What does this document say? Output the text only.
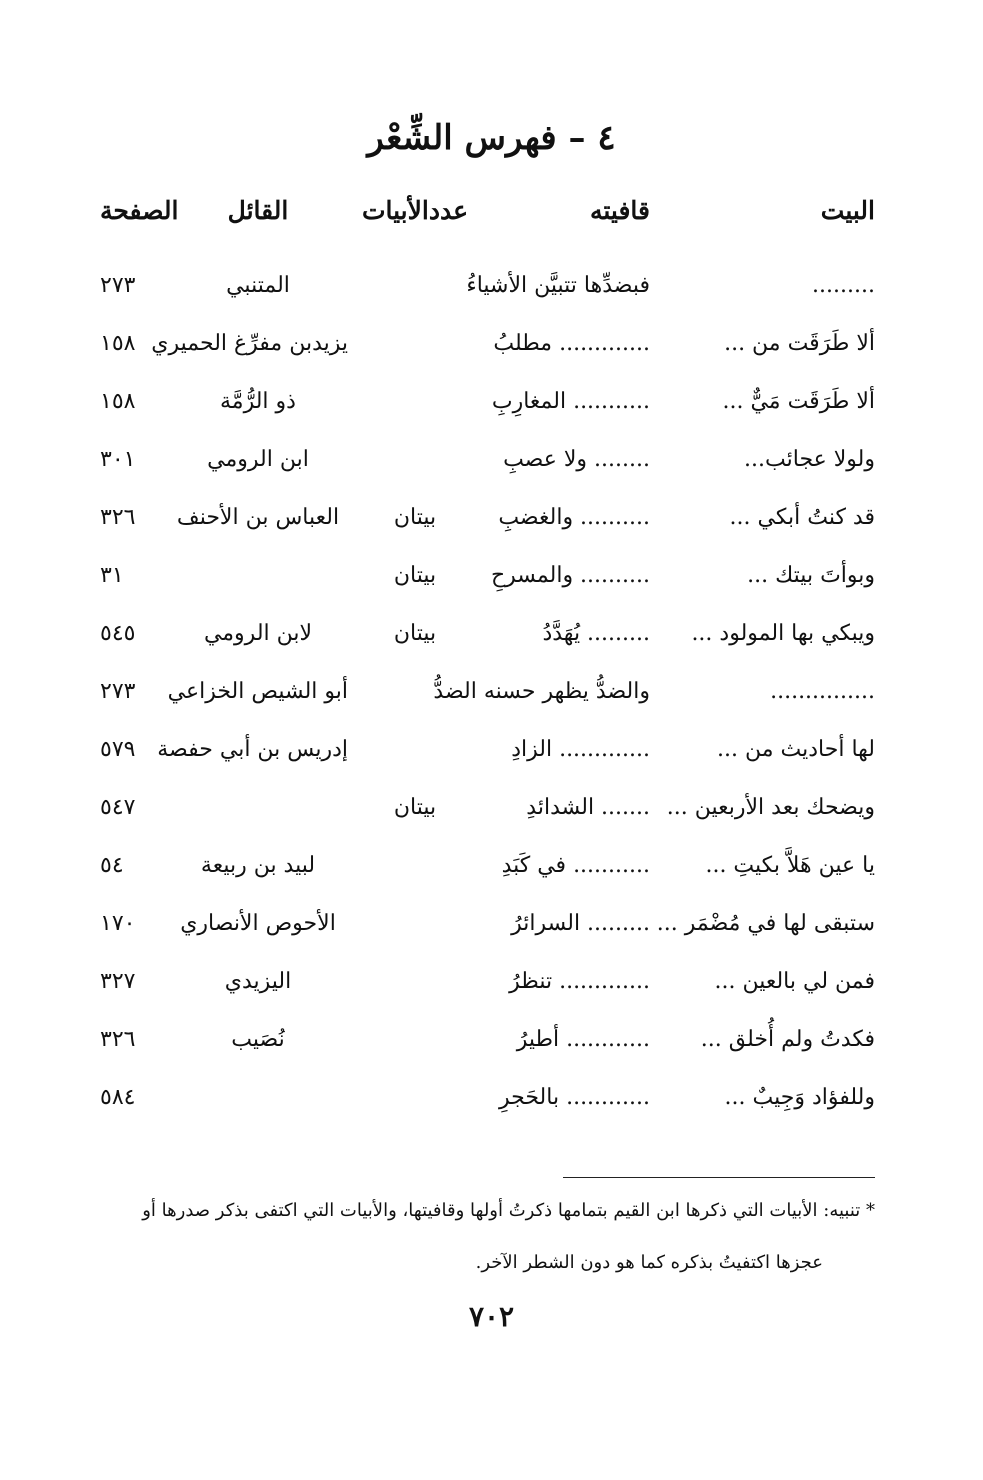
٤ – فهرس الشِّعْر
البيت
قافيته
عددالأبيات
القائل
الصفحة
.........
فبضدِّها تتبيَّن الأشياءُ
المتنبي
٢٧٣
ألا طَرَقَت من ...
............. مطلبُ
يزيدبن مفرِّغ الحميري
١٥٨
ألا طَرَقَت مَيٌّ ...
........... المغارِبِ
ذو الرُّمَّة
١٥٨
ولولا عجائب...
........ ولا عصبِ
ابن الرومي
٣٠١
قد كنتُ أبكي ...
.......... والغضبِ
بيتان
العباس بن الأحنف
٣٢٦
وبوأتَ بيتك ...
.......... والمسرحِ
بيتان
٣١
ويبكي بها المولود ...
......... يُهَدَّدُ
بيتان
لابن الرومي
٥٤٥
...............
والضدُّ يظهر حسنه الضدُّ
أبو الشيص الخزاعي
٢٧٣
لها أحاديث من ...
............. الزادِ
إدريس بن أبي حفصة
٥٧٩
ويضحك بعد الأربعين ...
....... الشدائدِ
بيتان
٥٤٧
يا عين هَلاَّ بكيتِ ...
........... في كَبَدِ
لبيد بن ربيعة
٥٤
ستبقى لها في مُضْمَر ...
......... السرائرُ
الأحوص الأنصاري
١٧٠
فمن لي بالعين ...
............. تنظرُ
اليزيدي
٣٢٧
فكدتُ ولم أُخلق ...
............ أطيرُ
نُصَيب
٣٢٦
وللفؤاد وَجِيبٌ ...
............ بالحَجرِ
٥٨٤
* تنبيه: الأبيات التي ذكرها ابن القيم بتمامها ذكرتُ أولها وقافيتها، والأبيات التي اكتفى بذكر صدرها أو
عجزها اكتفيتُ بذكره كما هو دون الشطر الآخر.
٧٠٢
